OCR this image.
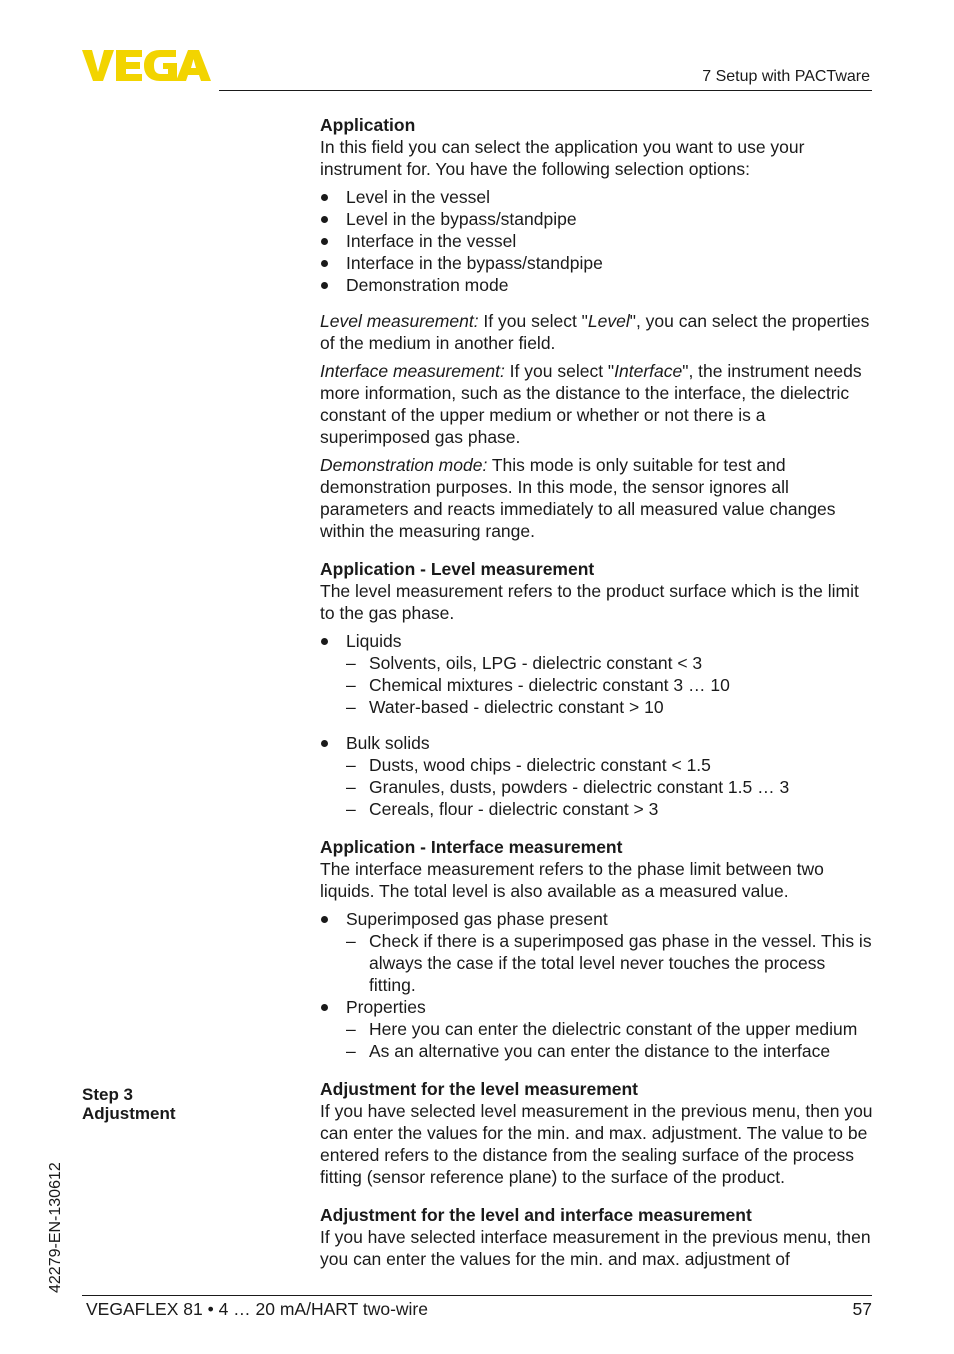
7 Setup with PACTware
42279-EN-130612
Step 3
Adjustment

Application

In this field you can select the application you want to use your instrument for. You have the following selection options:

Level in the vessel
Level in the bypass/standpipe
Interface in the vessel
Interface in the bypass/standpipe
Demonstration mode

Level measurement: If you select "Level", you can select the properties of the medium in another field.

Interface measurement: If you select "Interface", the instrument needs more information, such as the distance to the interface, the dielectric constant of the upper medium or whether or not there is a superimposed gas phase.

Demonstration mode: This mode is only suitable for test and demonstration purposes. In this mode, the sensor ignores all parameters and reacts immediately to all measured value changes within the measuring range.

Application - Level measurement

The level measurement refers to the product surface which is the limit to the gas phase.

Liquids
– Solvents, oils, LPG - dielectric constant < 3
– Chemical mixtures - dielectric constant 3 … 10
– Water-based - dielectric constant > 10
Bulk solids
– Dusts, wood chips - dielectric constant < 1.5
– Granules, dusts, powders - dielectric constant 1.5 … 3
– Cereals, flour - dielectric constant > 3

Application - Interface measurement

The interface measurement refers to the phase limit between two liquids. The total level is also available as a measured value.

Superimposed gas phase present
– Check if there is a superimposed gas phase in the vessel. This is always the case if the total level never touches the process fitting.
Properties
– Here you can enter the dielectric constant of the upper medium
– As an alternative you can enter the distance to the interface

Adjustment for the level measurement

If you have selected level measurement in the previous menu, then you can enter the values for the min. and max. adjustment. The value to be entered refers to the distance from the sealing surface of the process fitting (sensor reference plane) to the surface of the product.

Adjustment for the level and interface measurement

If you have selected interface measurement in the previous menu, then you can enter the values for the min. and max. adjustment of

VEGAFLEX 81 • 4 … 20 mA/HART two-wire	57
